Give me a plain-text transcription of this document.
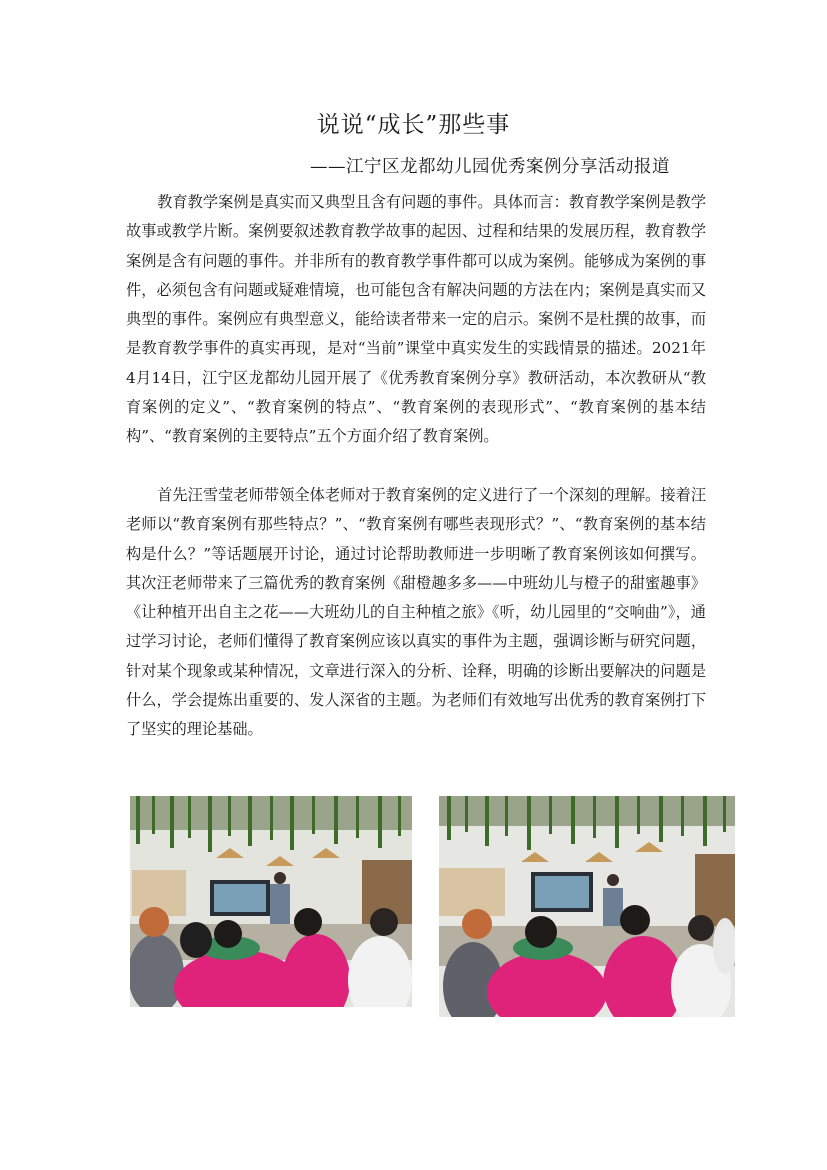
说说“成长”那些事
——江宁区龙都幼儿园优秀案例分享活动报道

教育教学案例是真实而又典型且含有问题的事件。具体而言：教育教学案例是教学故事或教学片断。案例要叙述教育教学故事的起因、过程和结果的发展历程，教育教学案例是含有问题的事件。并非所有的教育教学事件都可以成为案例。能够成为案例的事件，必须包含有问题或疑难情境，也可能包含有解决问题的方法在内；案例是真实而又典型的事件。案例应有典型意义，能给读者带来一定的启示。案例不是杜撰的故事，而是教育教学事件的真实再现，是对“当前”课堂中真实发生的实践情景的描述。2021年4月14日，江宁区龙都幼儿园开展了《优秀教育案例分享》教研活动，本次教研从“教育案例的定义”、“教育案例的特点”、“教育案例的表现形式”、“教育案例的基本结构”、“教育案例的主要特点”五个方面介绍了教育案例。

首先汪雪莹老师带领全体老师对于教育案例的定义进行了一个深刻的理解。接着汪老师以“教育案例有那些特点？”、“教育案例有哪些表现形式？”、“教育案例的基本结构是什么？”等话题展开讨论，通过讨论帮助教师进一步明晰了教育案例该如何撰写。其次汪老师带来了三篇优秀的教育案例《甜橙趣多多——中班幼儿与橙子的甜蜜趣事》《让种植开出自主之花——大班幼儿的自主种植之旅》《听，幼儿园里的“交响曲”》，通过学习讨论，老师们懂得了教育案例应该以真实的事件为主题，强调诊断与研究问题，针对某个现象或某种情况，文章进行深入的分析、诠释，明确的诊断出要解决的问题是什么，学会提炼出重要的、发人深省的主题。为老师们有效地写出优秀的教育案例打下了坚实的理论基础。
